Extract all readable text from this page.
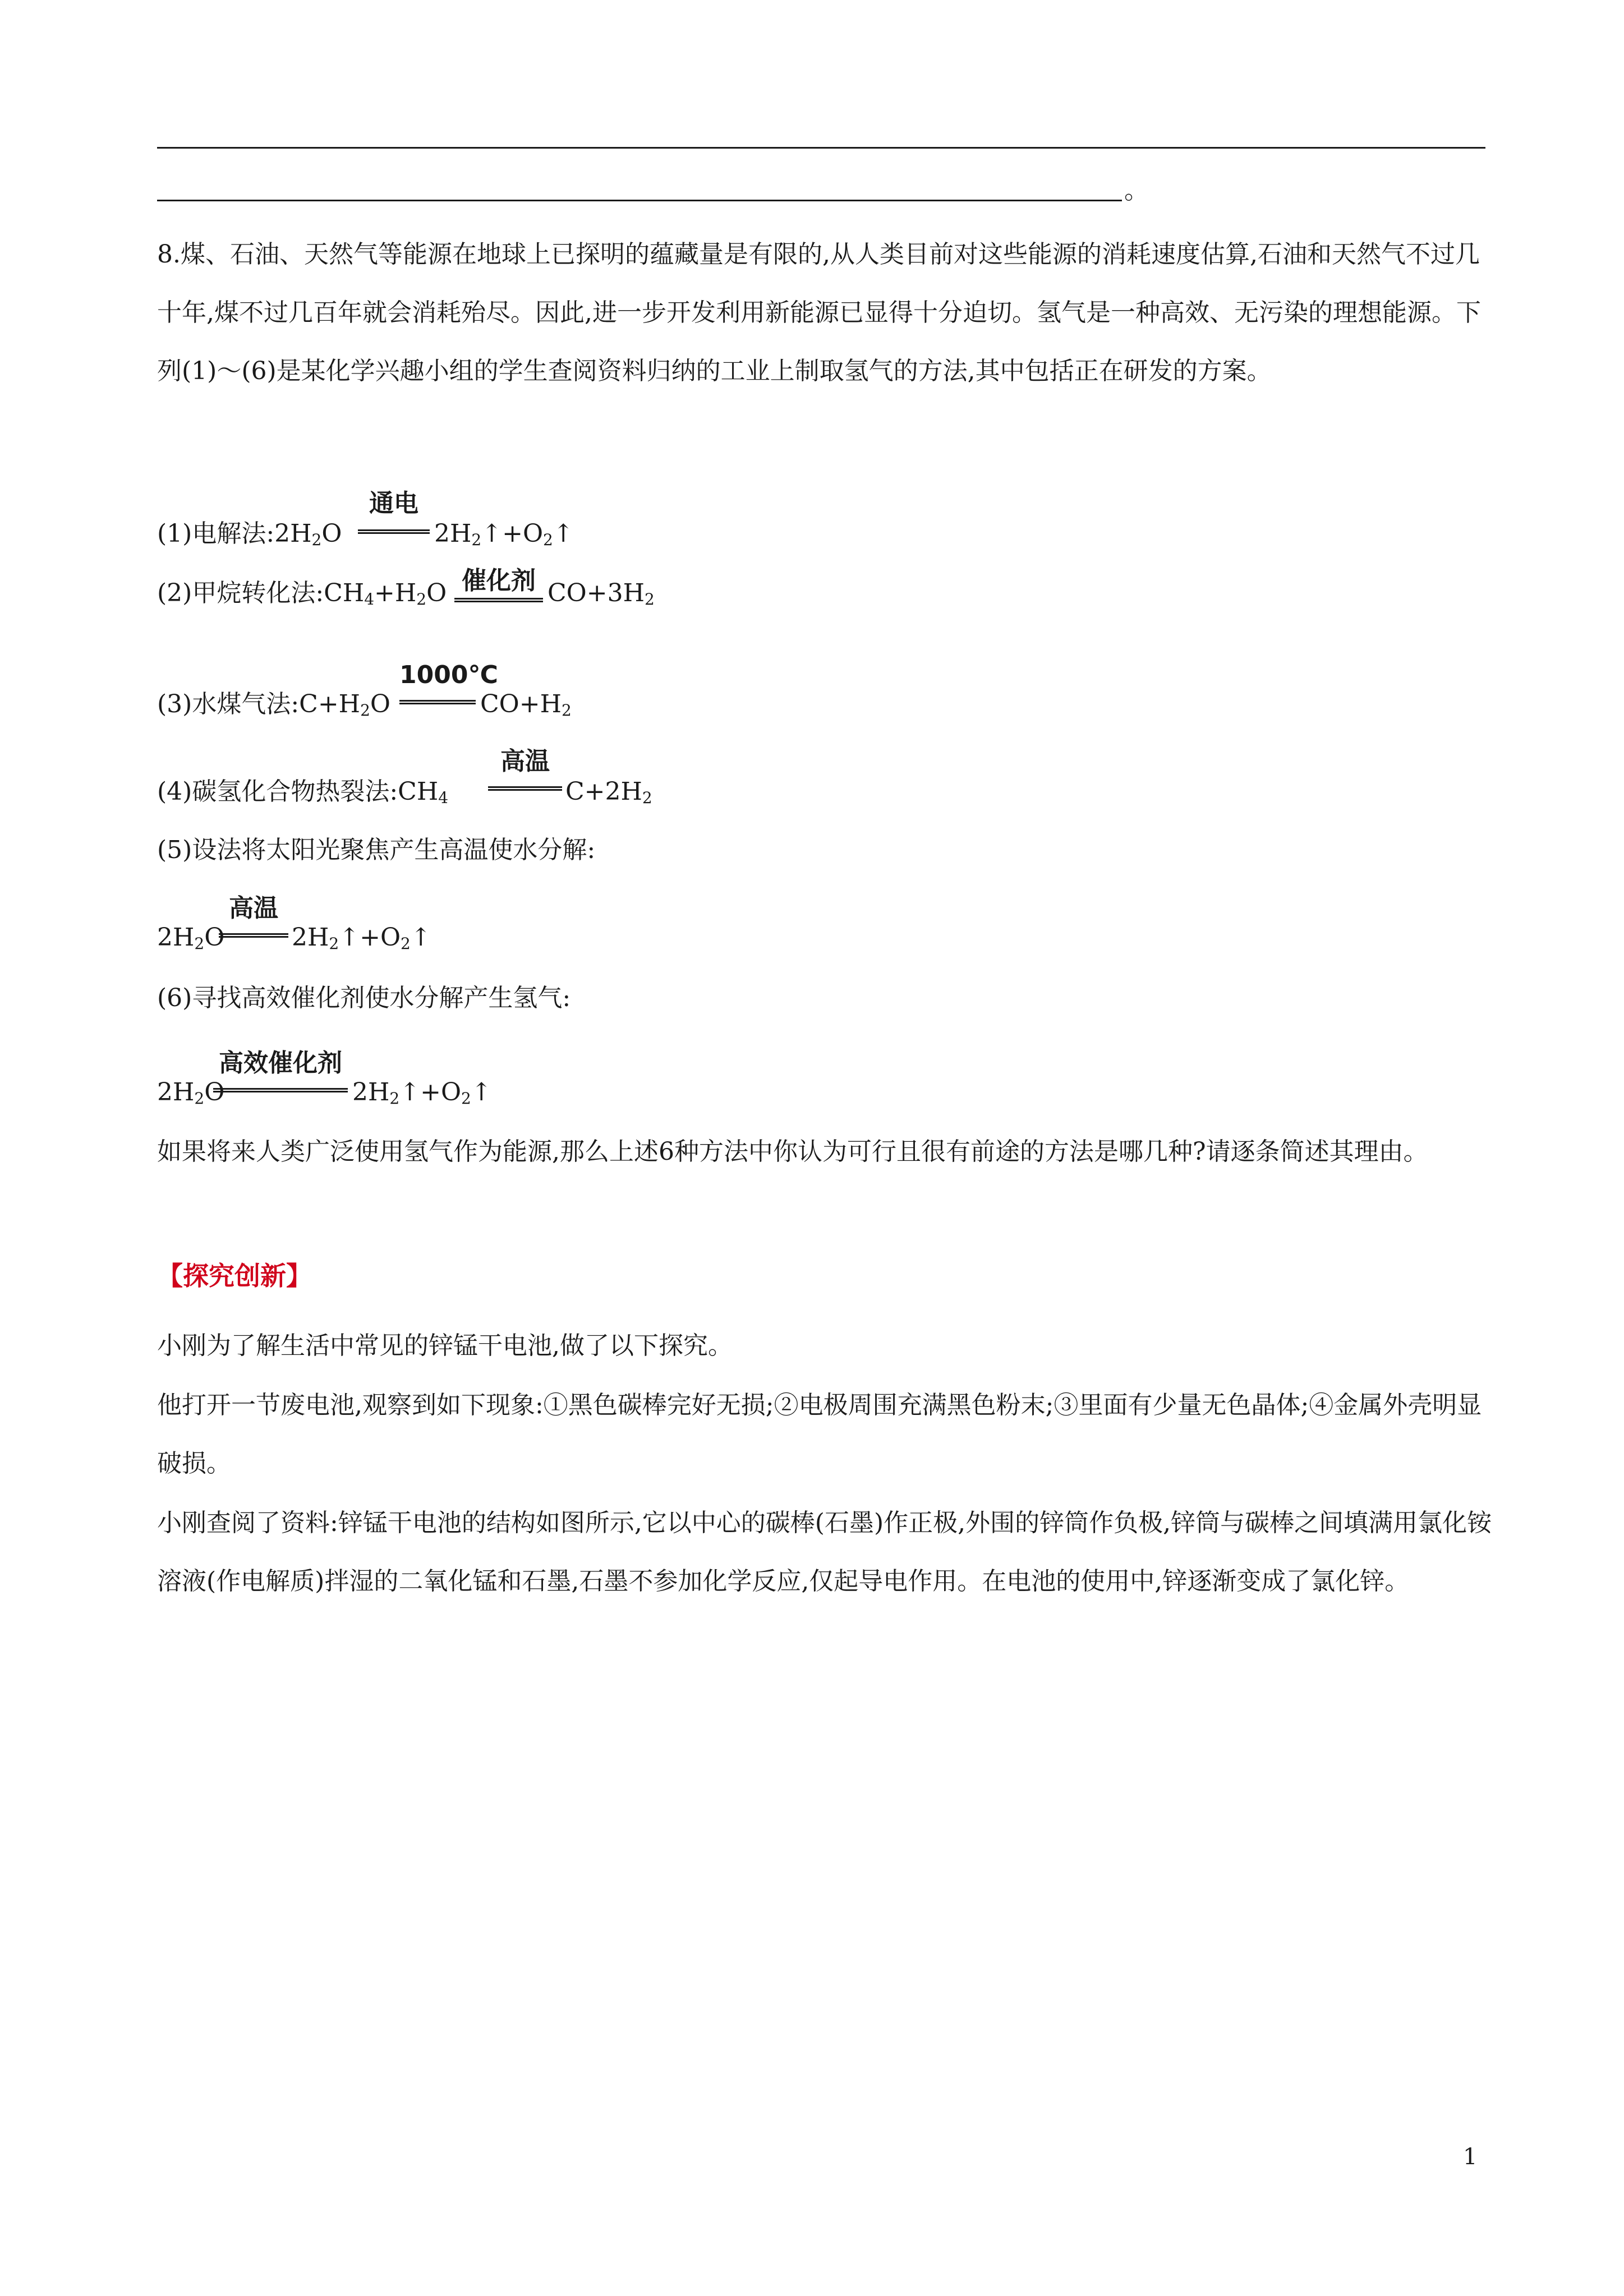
。
8.煤、石油、天然气等能源在地球上已探明的蕴藏量是有限的,从人类目前对这些能源的消耗速度估算,石油和天然气不过几十年,煤不过几百年就会消耗殆尽。因此,进一步开发利用新能源已显得十分迫切。氢气是一种高效、无污染的理想能源。下列(1)～(6)是某化学兴趣小组的学生查阅资料归纳的工业上制取氢气的方法,其中包括正在研发的方案。
(1)电解法$:2H_2O$
通电
$2H_2↑+O_2↑$
(2)甲烷转化法$:CH_4+H_2O$ 催化剂 $CO+3H_2$
(3)水煤气法$:C+H_2O$
1000℃
$CO+H_2$
(4)碳氢化合物热裂法$:CH_4$
高温
$C+2H_2$
(5)设法将太阳光聚焦产生高温使水分解:
$2H_2O$
高温
$2H_2↑+O_2↑$
(6)寻找高效催化剂使水分解产生氢气:
$2H_2O$
高效催化剂
$2H_2↑+O_2↑$
如果将来人类广泛使用氢气作为能源,那么上述6种方法中你认为可行且很有前途的方法是哪几种?请逐条简述其理由。
【探究创新】
小刚为了解生活中常见的锌锰干电池,做了以下探究。
他打开一节废电池,观察到如下现象:①黑色碳棒完好无损;②电极周围充满黑色粉末;③里面有少量无色晶体;④金属外壳明显破损。
小刚查阅了资料:锌锰干电池的结构如图所示,它以中心的碳棒(石墨)作正极,外围的锌筒作负极,锌筒与碳棒之间填满用氯化铵溶液(作电解质)拌湿的二氧化锰和石墨,石墨不参加化学反应,仅起导电作用。在电池的使用中,锌逐渐变成了氯化锌。
1
